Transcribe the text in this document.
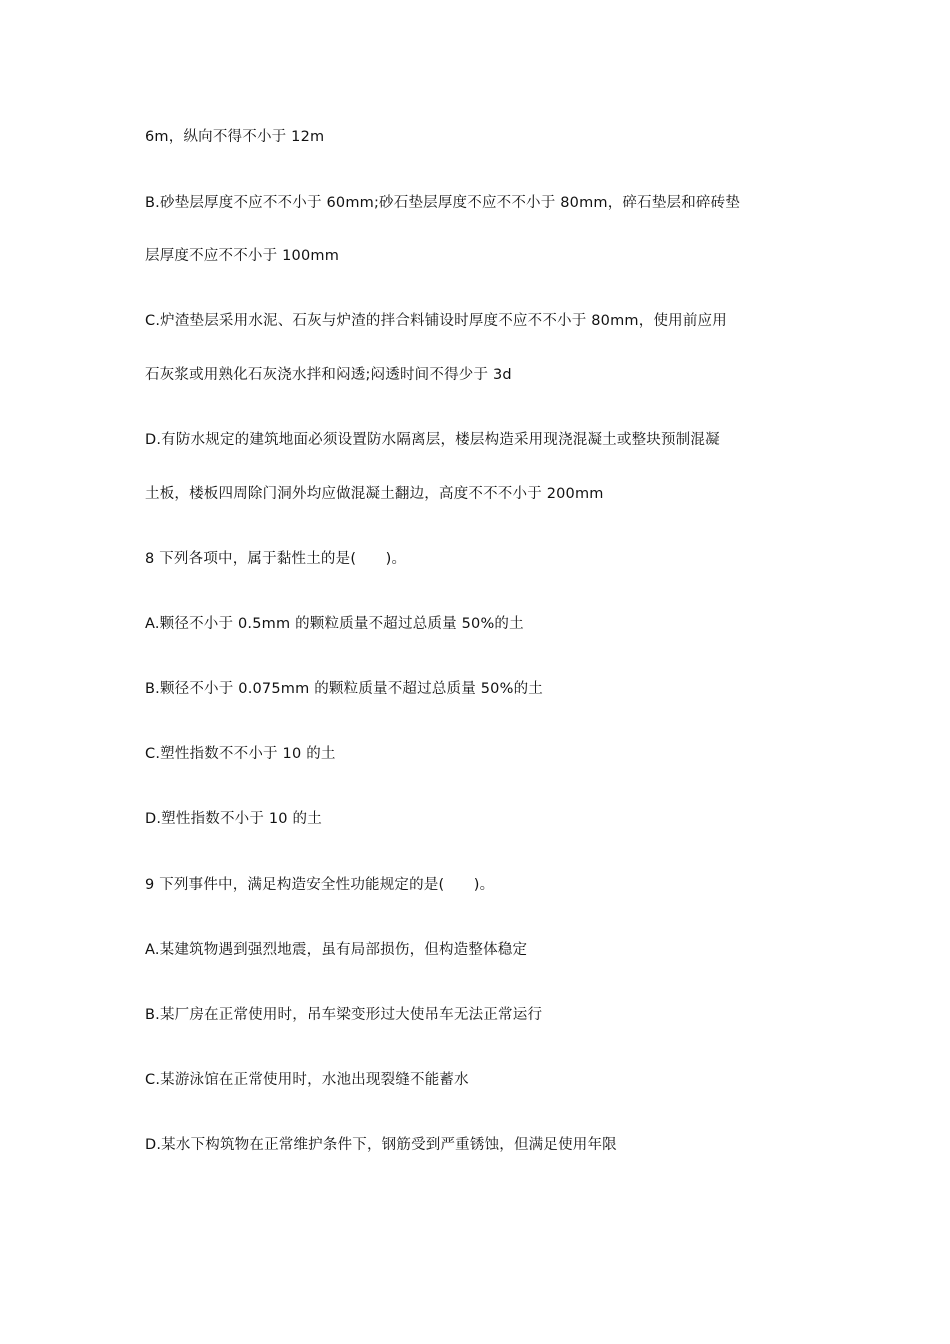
6m，纵向不得不小于 12m
B.砂垫层厚度不应不不小于 60mm;砂石垫层厚度不应不不小于 80mm，碎石垫层和碎砖垫
层厚度不应不不小于 100mm
C.炉渣垫层采用水泥、石灰与炉渣的拌合料铺设时厚度不应不不小于 80mm，使用前应用
石灰浆或用熟化石灰浇水拌和闷透;闷透时间不得少于 3d
D.有防水规定的建筑地面必须设置防水隔离层，楼层构造采用现浇混凝土或整块预制混凝
土板，楼板四周除门洞外均应做混凝土翻边，高度不不不小于 200mm
8 下列各项中，属于黏性土的是(　　)。
A.颗径不小于 0.5mm 的颗粒质量不超过总质量 50%的土
B.颗径不小于 0.075mm 的颗粒质量不超过总质量 50%的土
C.塑性指数不不小于 10 的土
D.塑性指数不小于 10 的土
9 下列事件中，满足构造安全性功能规定的是(　　)。
A.某建筑物遇到强烈地震，虽有局部损伤，但构造整体稳定
B.某厂房在正常使用时，吊车梁变形过大使吊车无法正常运行
C.某游泳馆在正常使用时，水池出现裂缝不能蓄水
D.某水下构筑物在正常维护条件下，钢筋受到严重锈蚀，但满足使用年限
